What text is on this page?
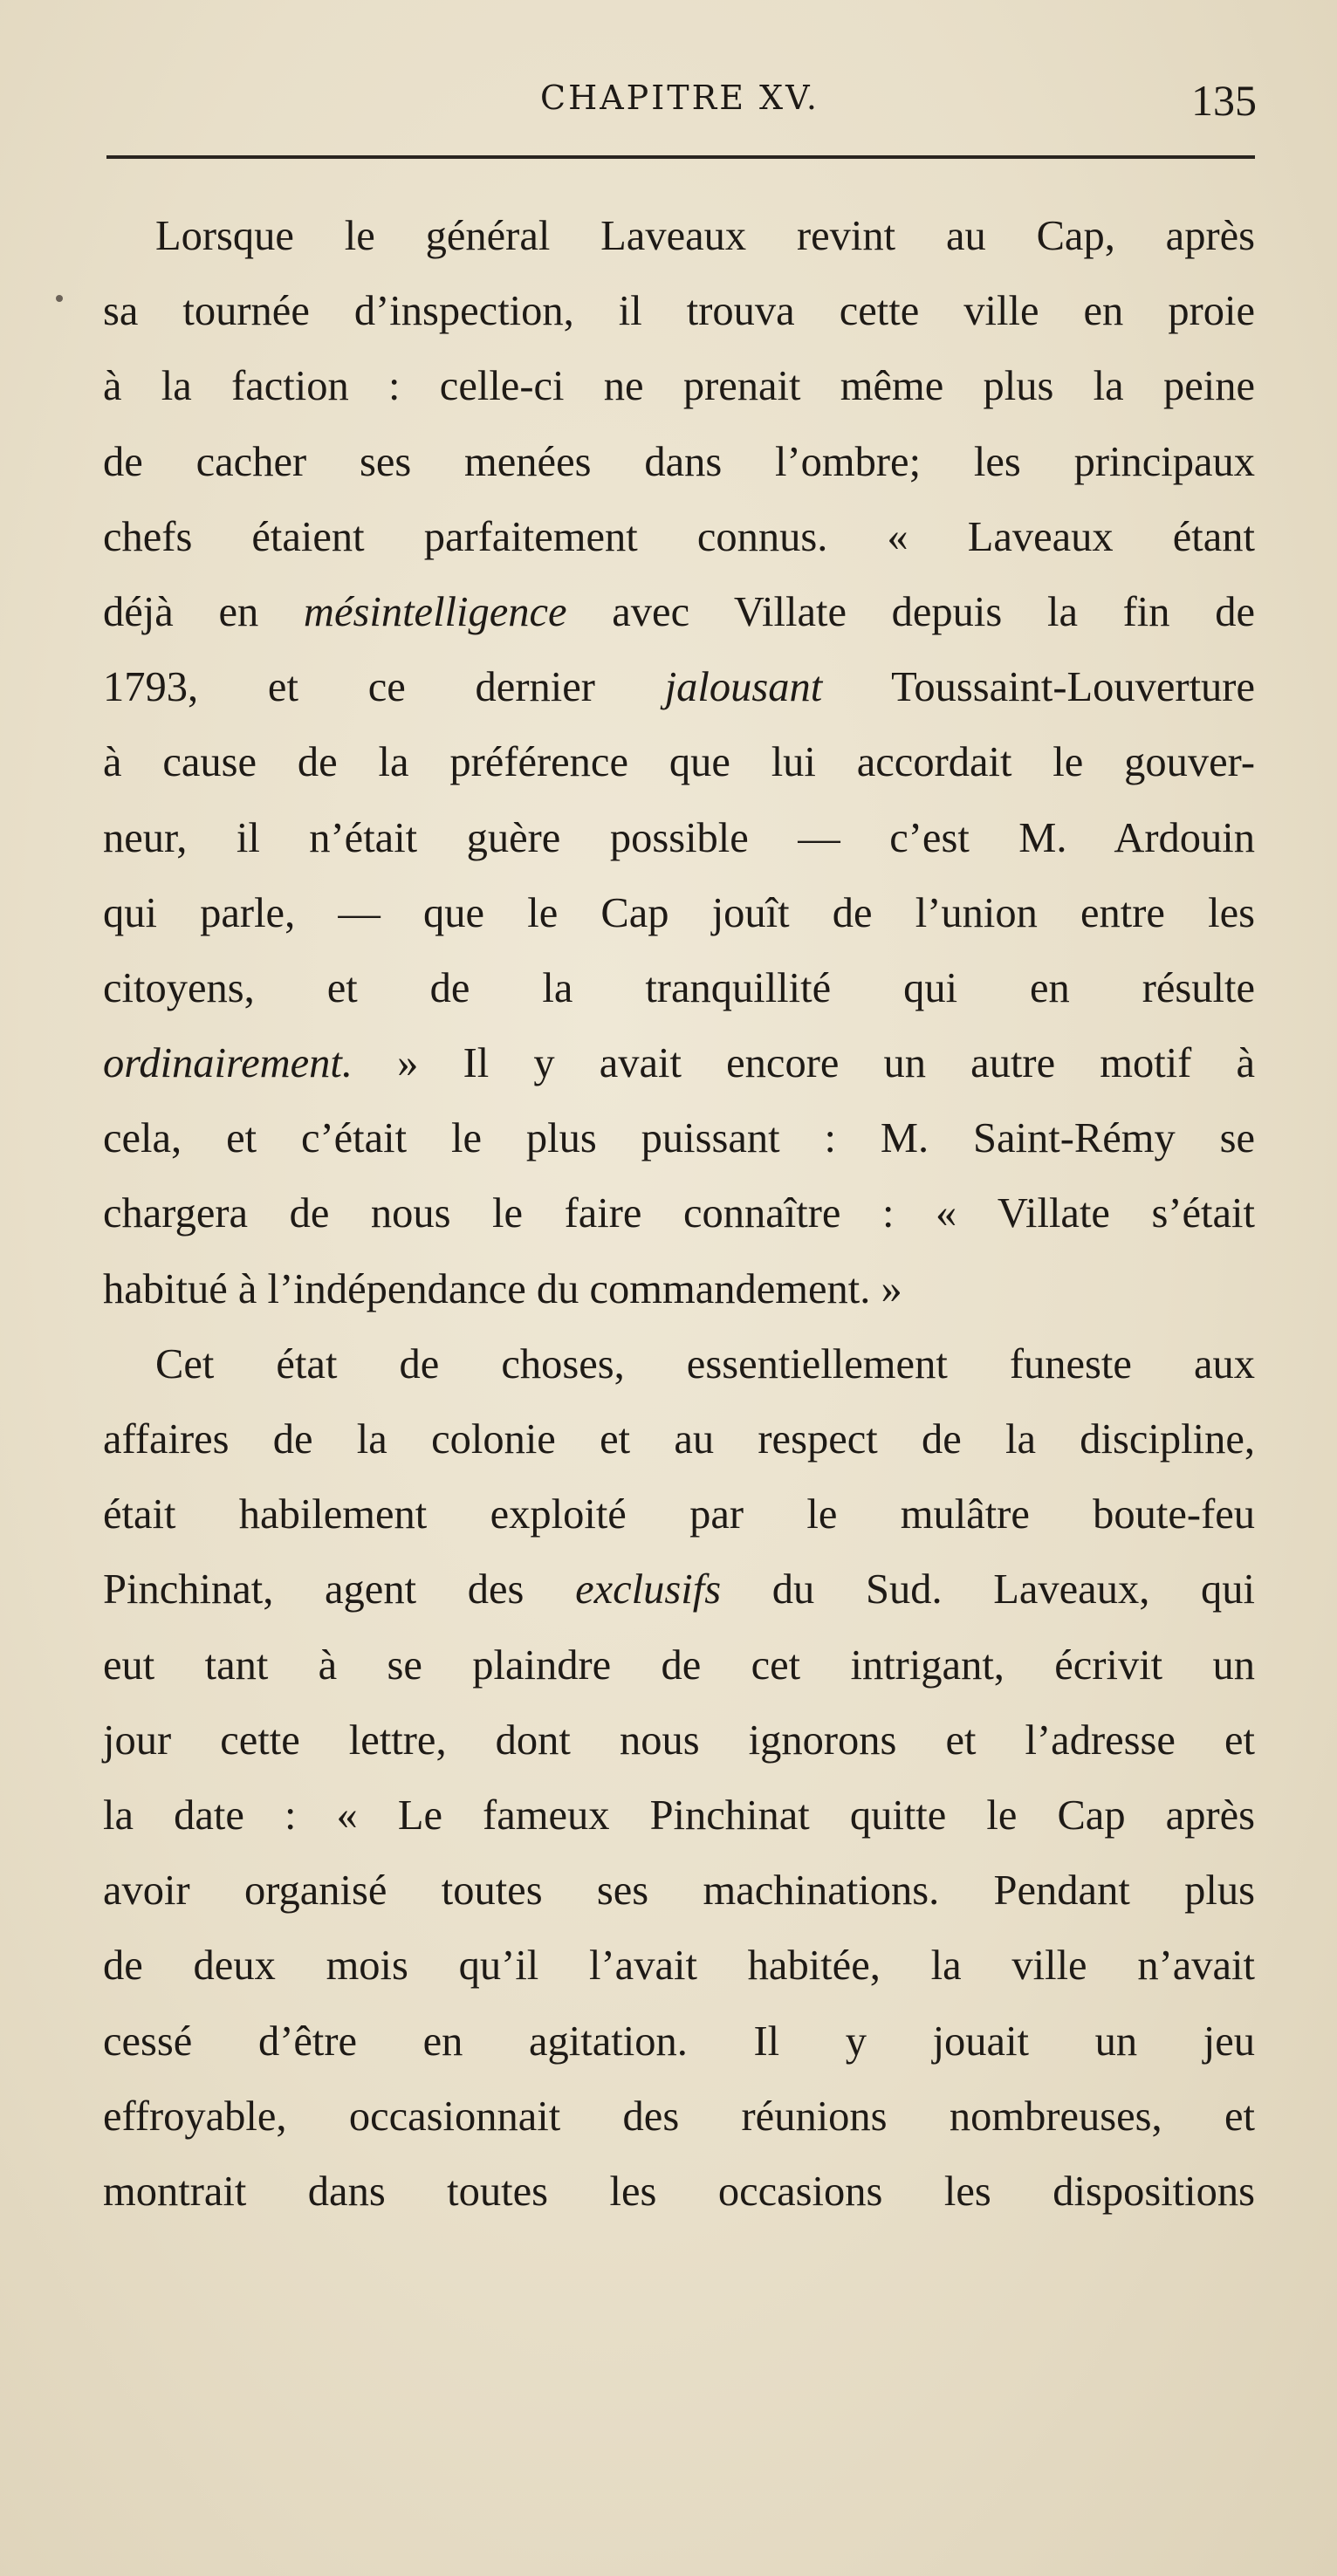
CHAPITRE XV.	135
Lorsque le général Laveaux revint au Cap, après
sa tournée d’inspection, il trouva cette ville en proie
à la faction : celle-ci ne prenait même plus la peine
de cacher ses menées dans l’ombre; les principaux
chefs étaient parfaitement connus. « Laveaux étant
déjà en mésintelligence avec Villate depuis la fin de
1793, et ce dernier jalousant Toussaint-Louverture
à cause de la préférence que lui accordait le gouver-
neur, il n’était guère possible — c’est M. Ardouin
qui parle, — que le Cap jouît de l’union entre les
citoyens, et de la tranquillité qui en résulte
ordinairement. » Il y avait encore un autre motif à
cela, et c’était le plus puissant : M. Saint-Rémy se
chargera de nous le faire connaître : « Villate s’était
habitué à l’indépendance du commandement. »
Cet état de choses, essentiellement funeste aux
affaires de la colonie et au respect de la discipline,
était habilement exploité par le mulâtre boute-feu
Pinchinat, agent des exclusifs du Sud. Laveaux, qui
eut tant à se plaindre de cet intrigant, écrivit un
jour cette lettre, dont nous ignorons et l’adresse et
la date : « Le fameux Pinchinat quitte le Cap après
avoir organisé toutes ses machinations. Pendant plus
de deux mois qu’il l’avait habitée, la ville n’avait
cessé d’être en agitation. Il y jouait un jeu
effroyable, occasionnait des réunions nombreuses, et
montrait dans toutes les occasions les dispositions
